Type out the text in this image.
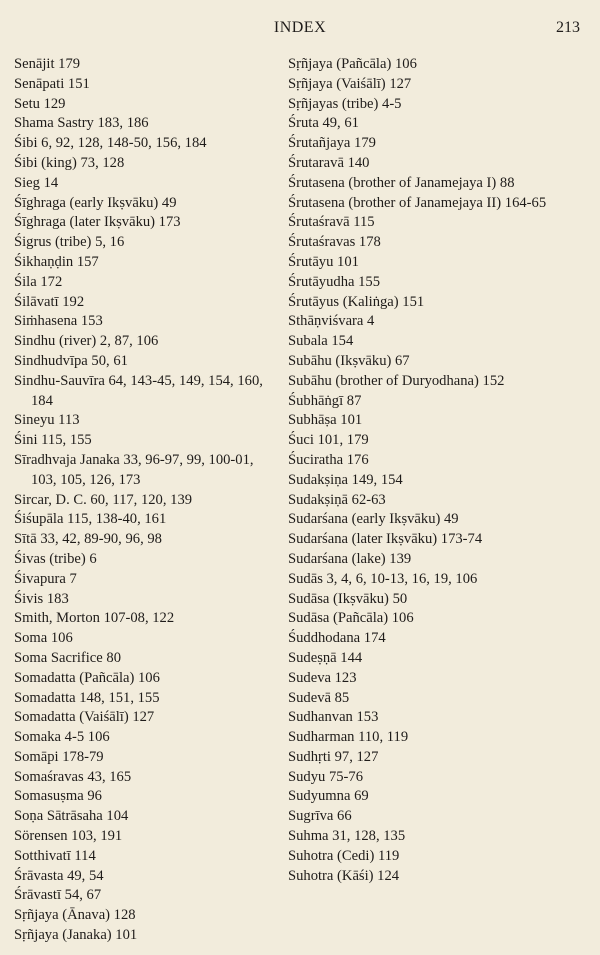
INDEX	213

Senājit 179

Senāpati 151

Setu 129

Shama Sastry 183, 186

Śibi 6, 92, 128, 148-50, 156, 184

Śibi (king) 73, 128

Sieg 14

Śīghraga (early Ikṣvāku) 49

Śīghraga (later Ikṣvāku) 173

Śigrus (tribe) 5, 16

Śikhaṇḍin 157

Śila 172

Śilāvatī 192

Siṁhasena 153

Sindhu (river) 2, 87, 106

Sindhudvīpa 50, 61

Sindhu-Sauvīra 64, 143-45, 149, 154, 160, 184

Sineyu 113

Śini 115, 155

Sīradhvaja Janaka 33, 96-97, 99, 100-01, 103, 105, 126, 173

Sircar, D. C. 60, 117, 120, 139

Śiśupāla 115, 138-40, 161

Sītā 33, 42, 89-90, 96, 98

Śivas (tribe) 6

Śivapura 7

Śivis 183

Smith, Morton 107-08, 122

Soma 106

Soma Sacrifice 80

Somadatta (Pañcāla) 106

Somadatta 148, 151, 155

Somadatta (Vaiśālī) 127

Somaka 4-5 106

Somāpi 178-79

Somaśravas 43, 165

Somasuṣma 96

Soṇa Sātrāsaha 104

Sörensen 103, 191

Sotthivatī 114

Śrāvasta 49, 54

Śrāvastī 54, 67

Sṛñjaya (Ānava) 128

Sṛñjaya (Janaka) 101

Sṛñjaya (Pañcāla) 106

Sṛñjaya (Vaiśālī) 127

Sṛñjayas (tribe) 4-5

Śruta 49, 61

Śrutañjaya 179

Śrutaravā 140

Śrutasena (brother of Janamejaya I) 88

Śrutasena (brother of Janamejaya II) 164-65

Śrutaśravā 115

Śrutaśravas 178

Śrutāyu 101

Śrutāyudha 155

Śrutāyus (Kaliṅga) 151

Sthāṇviśvara 4

Subala 154

Subāhu (Ikṣvāku) 67

Subāhu (brother of Duryodhana) 152

Śubhāṅgī 87

Subhāṣa 101

Śuci 101, 179

Śuciratha 176

Sudakṣiṇa 149, 154

Sudakṣiṇā 62-63

Sudarśana (early Ikṣvāku) 49

Sudarśana (later Ikṣvāku) 173-74

Sudarśana (lake) 139

Sudās 3, 4, 6, 10-13, 16, 19, 106

Sudāsa (Ikṣvāku) 50

Sudāsa (Pañcāla) 106

Śuddhodana 174

Sudeṣṇā 144

Sudeva 123

Sudevā 85

Sudhanvan 153

Sudharman 110, 119

Sudhṛti 97, 127

Sudyu 75-76

Sudyumna 69

Sugrīva 66

Suhma 31, 128, 135

Suhotra (Cedi) 119

Suhotra (Kāśi) 124
